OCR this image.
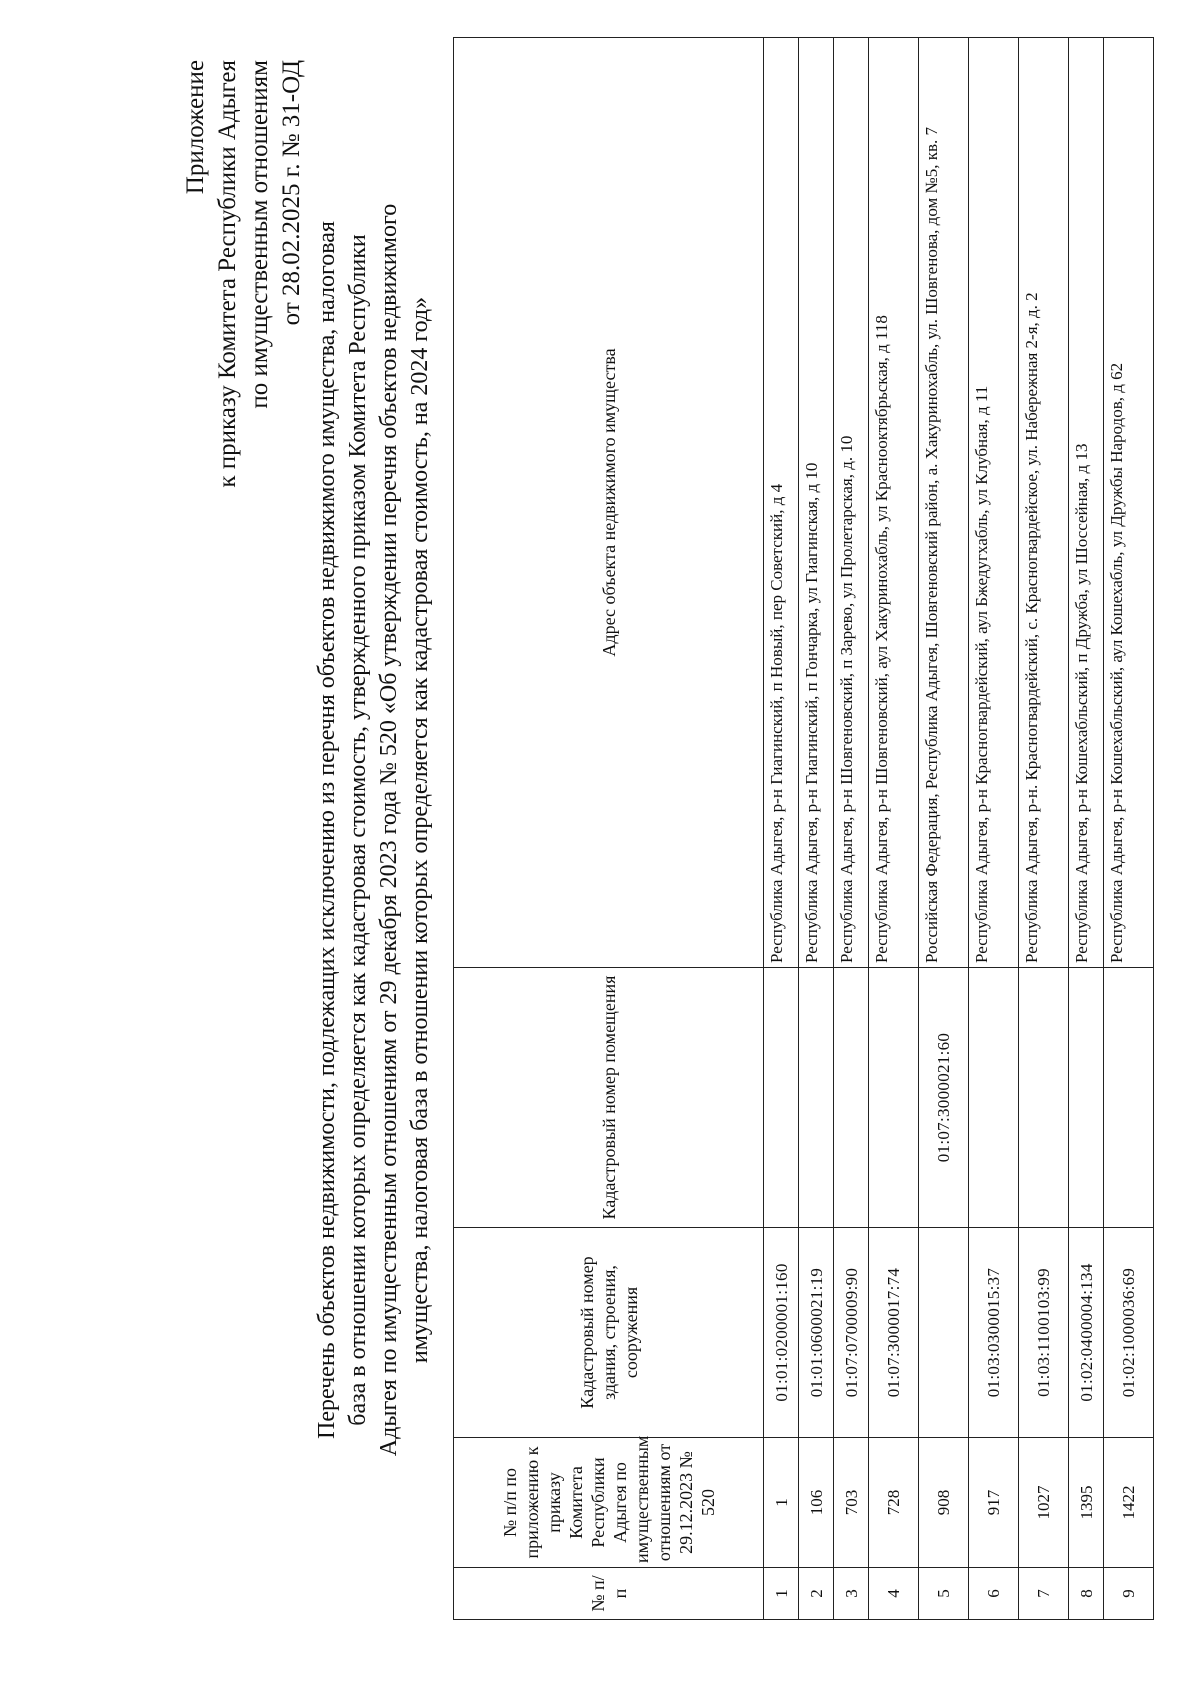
Приложение к приказу Комитета Республики Адыгея по имущественным отношениям от 28.02.2025 г. № 31-ОД
Перечень объектов недвижимости, подлежащих исключению из перечня объектов недвижимого имущества, налоговая база в отношении которых определяется как кадастровая стоимость, утвержденного приказом Комитета Республики Адыгея по имущественным отношениям от 29 декабря 2023 года № 520 «Об утверждении перечня объектов недвижимого имущества, налоговая база в отношении которых определяется как кадастровая стоимость, на 2024 год»
№ п/п	№ п/п по приложению к приказу Комитета Республики Адыгея по имущественным отношениям от 29.12.2023 № 520	Кадастровый номер здания, строения, сооружения	Кадастровый номер помещения	Адрес объекта недвижимого имущества
1	1	01:01:0200001:160		Республика Адыгея, р-н Гиагинский, п Новый, пер Советский, д 4
2	106	01:01:0600021:19		Республика Адыгея, р-н Гиагинский, п Гончарка, ул Гиагинская, д 10
3	703	01:07:0700009:90		Республика Адыгея, р-н Шовгеновский, п Зарево, ул Пролетарская, д. 10
4	728	01:07:3000017:74		Республика Адыгея, р-н Шовгеновский, аул Хакуринохабль, ул Краснооктябрьская, д 118
5	908		01:07:3000021:60	Российская Федерация, Республика Адыгея, Шовгеновский район, а. Хакуринохабль, ул. Шовгенова, дом №5, кв. 7
6	917	01:03:0300015:37		Республика Адыгея, р-н Красногвардейский, аул Бжедугхабль, ул Клубная, д 11
7	1027	01:03:1100103:99		Республика Адыгея, р-н. Красногвардейский, с. Красногвардейское, ул. Набережная 2-я, д. 2
8	1395	01:02:0400004:134		Республика Адыгея, р-н Кошехабльский, п Дружба, ул Шоссейная, д 13
9	1422	01:02:1000036:69		Республика Адыгея, р-н Кошехабльский, аул Кошехабль, ул Дружбы Народов, д 62
